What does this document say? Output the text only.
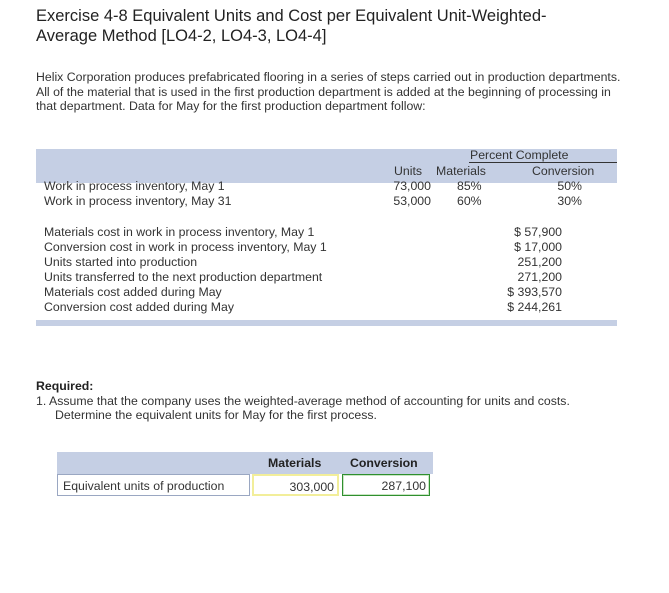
Exercise 4-8 Equivalent Units and Cost per Equivalent Unit-Weighted-
Average Method [LO4-2, LO4-3, LO4-4]
Helix Corporation produces prefabricated flooring in a series of steps carried out in production departments.
All of the material that is used in the first production department is added at the beginning of processing in
that department. Data for May for the first production department follow:
Percent Complete
Units Materials	Conversion
Work in process inventory, May 1	73,000 85%	50%
Work in process inventory, May 31	53,000 60%	30%
Materials cost in work in process inventory, May 1	$ 57,900
Conversion cost in work in process inventory, May 1	$ 17,000
Units started into production	251,200
Units transferred to the next production department	271,200
Materials cost added during May	$ 393,570
Conversion cost added during May	$ 244,261
Required:
1. Assume that the company uses the weighted-average method of accounting for units and costs.
Determine the equivalent units for May for the first process.
Materials Conversion
Equivalent units of production	303,000	287,100
